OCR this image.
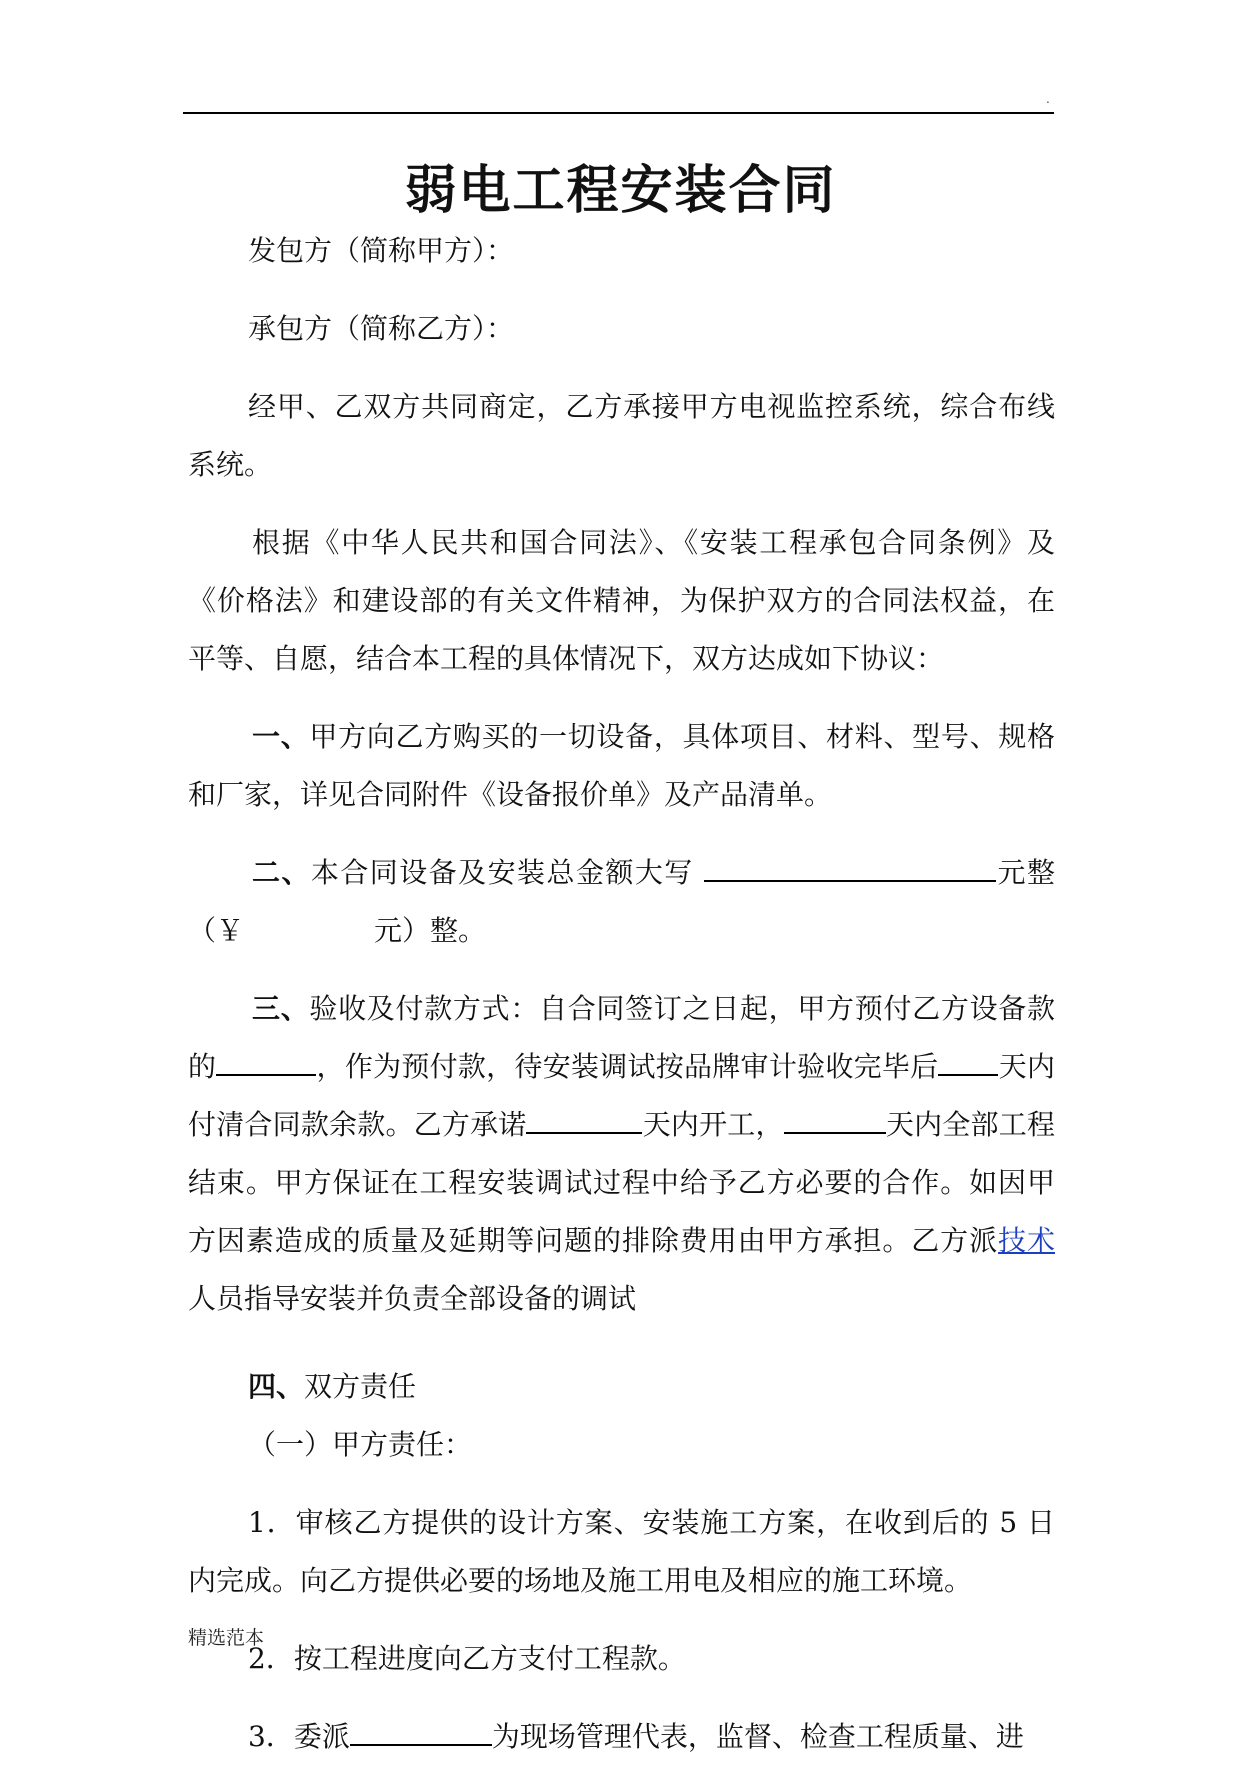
.
弱电工程安装合同

发包方（简称甲方）：

承包方（简称乙方）：

经甲、乙双方共同商定，乙方承接甲方电视监控系统，综合布线系统。

根据《中华人民共和国合同法》、《安装工程承包合同条例》及《价格法》和建设部的有关文件精神，为保护双方的合同法权益，在平等、自愿，结合本工程的具体情况下，双方达成如下协议：

一、甲方向乙方购买的一切设备，具体项目、材料、型号、规格和厂家，详见合同附件《设备报价单》及产品清单。

二、本合同设备及安装总金额大写	元整（￥	元）整。

三、验收及付款方式：自合同签订之日起，甲方预付乙方设备款的	，作为预付款，待安装调试按品牌审计验收完毕后 天内付清合同款余款。乙方承诺	天内开工，	天内全部工程结束。甲方保证在工程安装调试过程中给予乙方必要的合作。如因甲方因素造成的质量及延期等问题的排除费用由甲方承担。乙方派技术人员指导安装并负责全部设备的调试

四、双方责任

（一）甲方责任：

1．审核乙方提供的设计方案、安装施工方案，在收到后的 5 日内完成。向乙方提供必要的场地及施工用电及相应的施工环境。

2．按工程进度向乙方支付工程款。

3．委派	为现场管理代表，监督、检查工程质量、进

精选范本
